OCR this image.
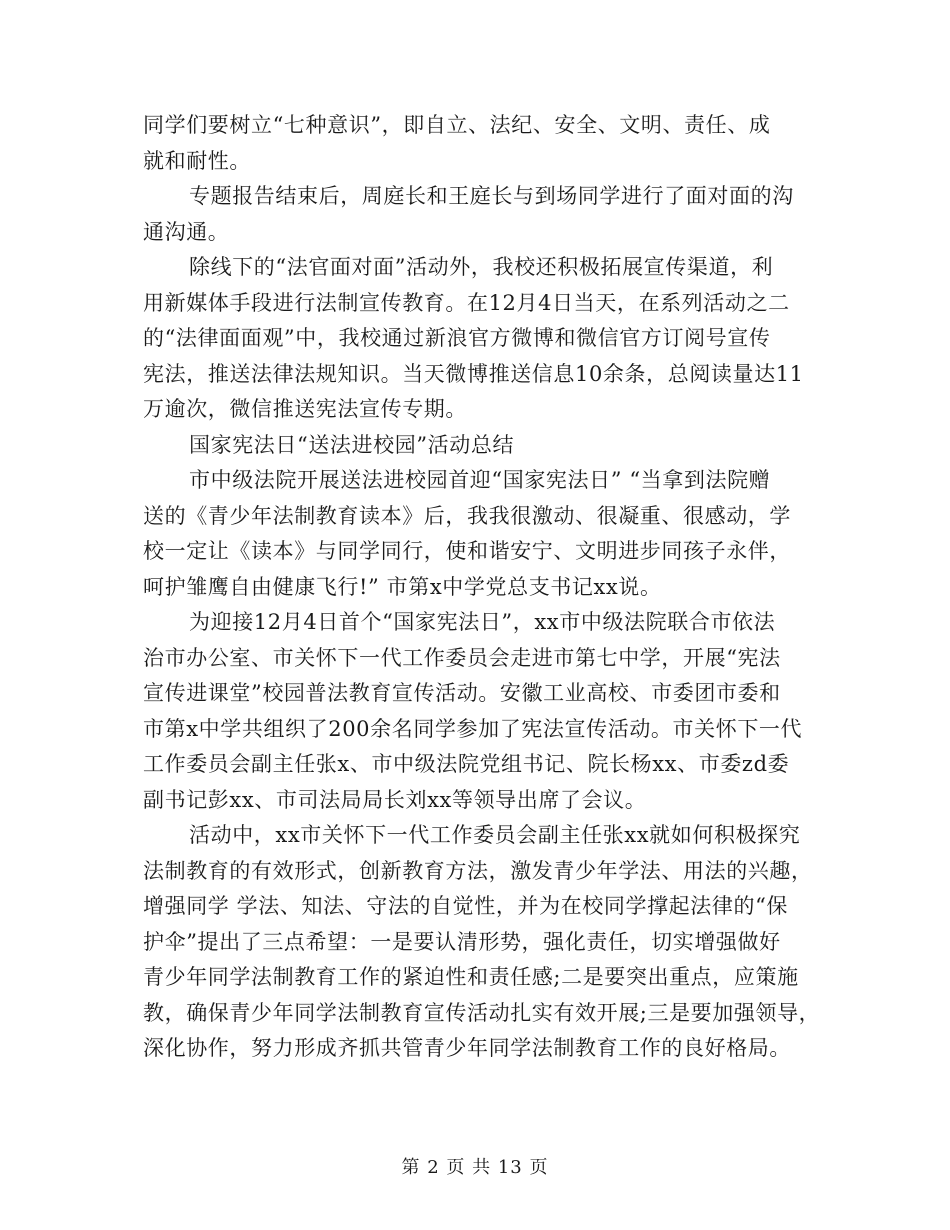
同学们要树立“七种意识”，即自立、法纪、安全、文明、责任、成
就和耐性。
专题报告结束后，周庭长和王庭长与到场同学进行了面对面的沟
通沟通。
除线下的“法官面对面”活动外，我校还积极拓展宣传渠道，利
用新媒体手段进行法制宣传教育。在12月4日当天，在系列活动之二
的“法律面面观”中，我校通过新浪官方微博和微信官方订阅号宣传
宪法，推送法律法规知识。当天微博推送信息10余条，总阅读量达11
万逾次，微信推送宪法宣传专期。
国家宪法日“送法进校园”活动总结
市中级法院开展送法进校园首迎“国家宪法日” “当拿到法院赠
送的《青少年法制教育读本》后，我我很激动、很凝重、很感动，学
校一定让《读本》与同学同行，使和谐安宁、文明进步同孩子永伴，
呵护雏鹰自由健康飞行!” 市第x中学党总支书记xx说。
为迎接12月4日首个“国家宪法日”，xx市中级法院联合市依法
治市办公室、市关怀下一代工作委员会走进市第七中学，开展“宪法
宣传进课堂”校园普法教育宣传活动。安徽工业高校、市委团市委和
市第x中学共组织了200余名同学参加了宪法宣传活动。市关怀下一代
工作委员会副主任张x、市中级法院党组书记、院长杨xx、市委zd委
副书记彭xx、市司法局局长刘xx等领导出席了会议。
活动中，xx市关怀下一代工作委员会副主任张xx就如何积极探究
法制教育的有效形式，创新教育方法，激发青少年学法、用法的兴趣，
增强同学 学法、知法、守法的自觉性，并为在校同学撑起法律的“保
护伞”提出了三点希望：一是要认清形势，强化责任，切实增强做好
青少年同学法制教育工作的紧迫性和责任感;二是要突出重点，应策施
教，确保青少年同学法制教育宣传活动扎实有效开展;三是要加强领导，
深化协作，努力形成齐抓共管青少年同学法制教育工作的良好格局。
第 2 页 共 13 页
